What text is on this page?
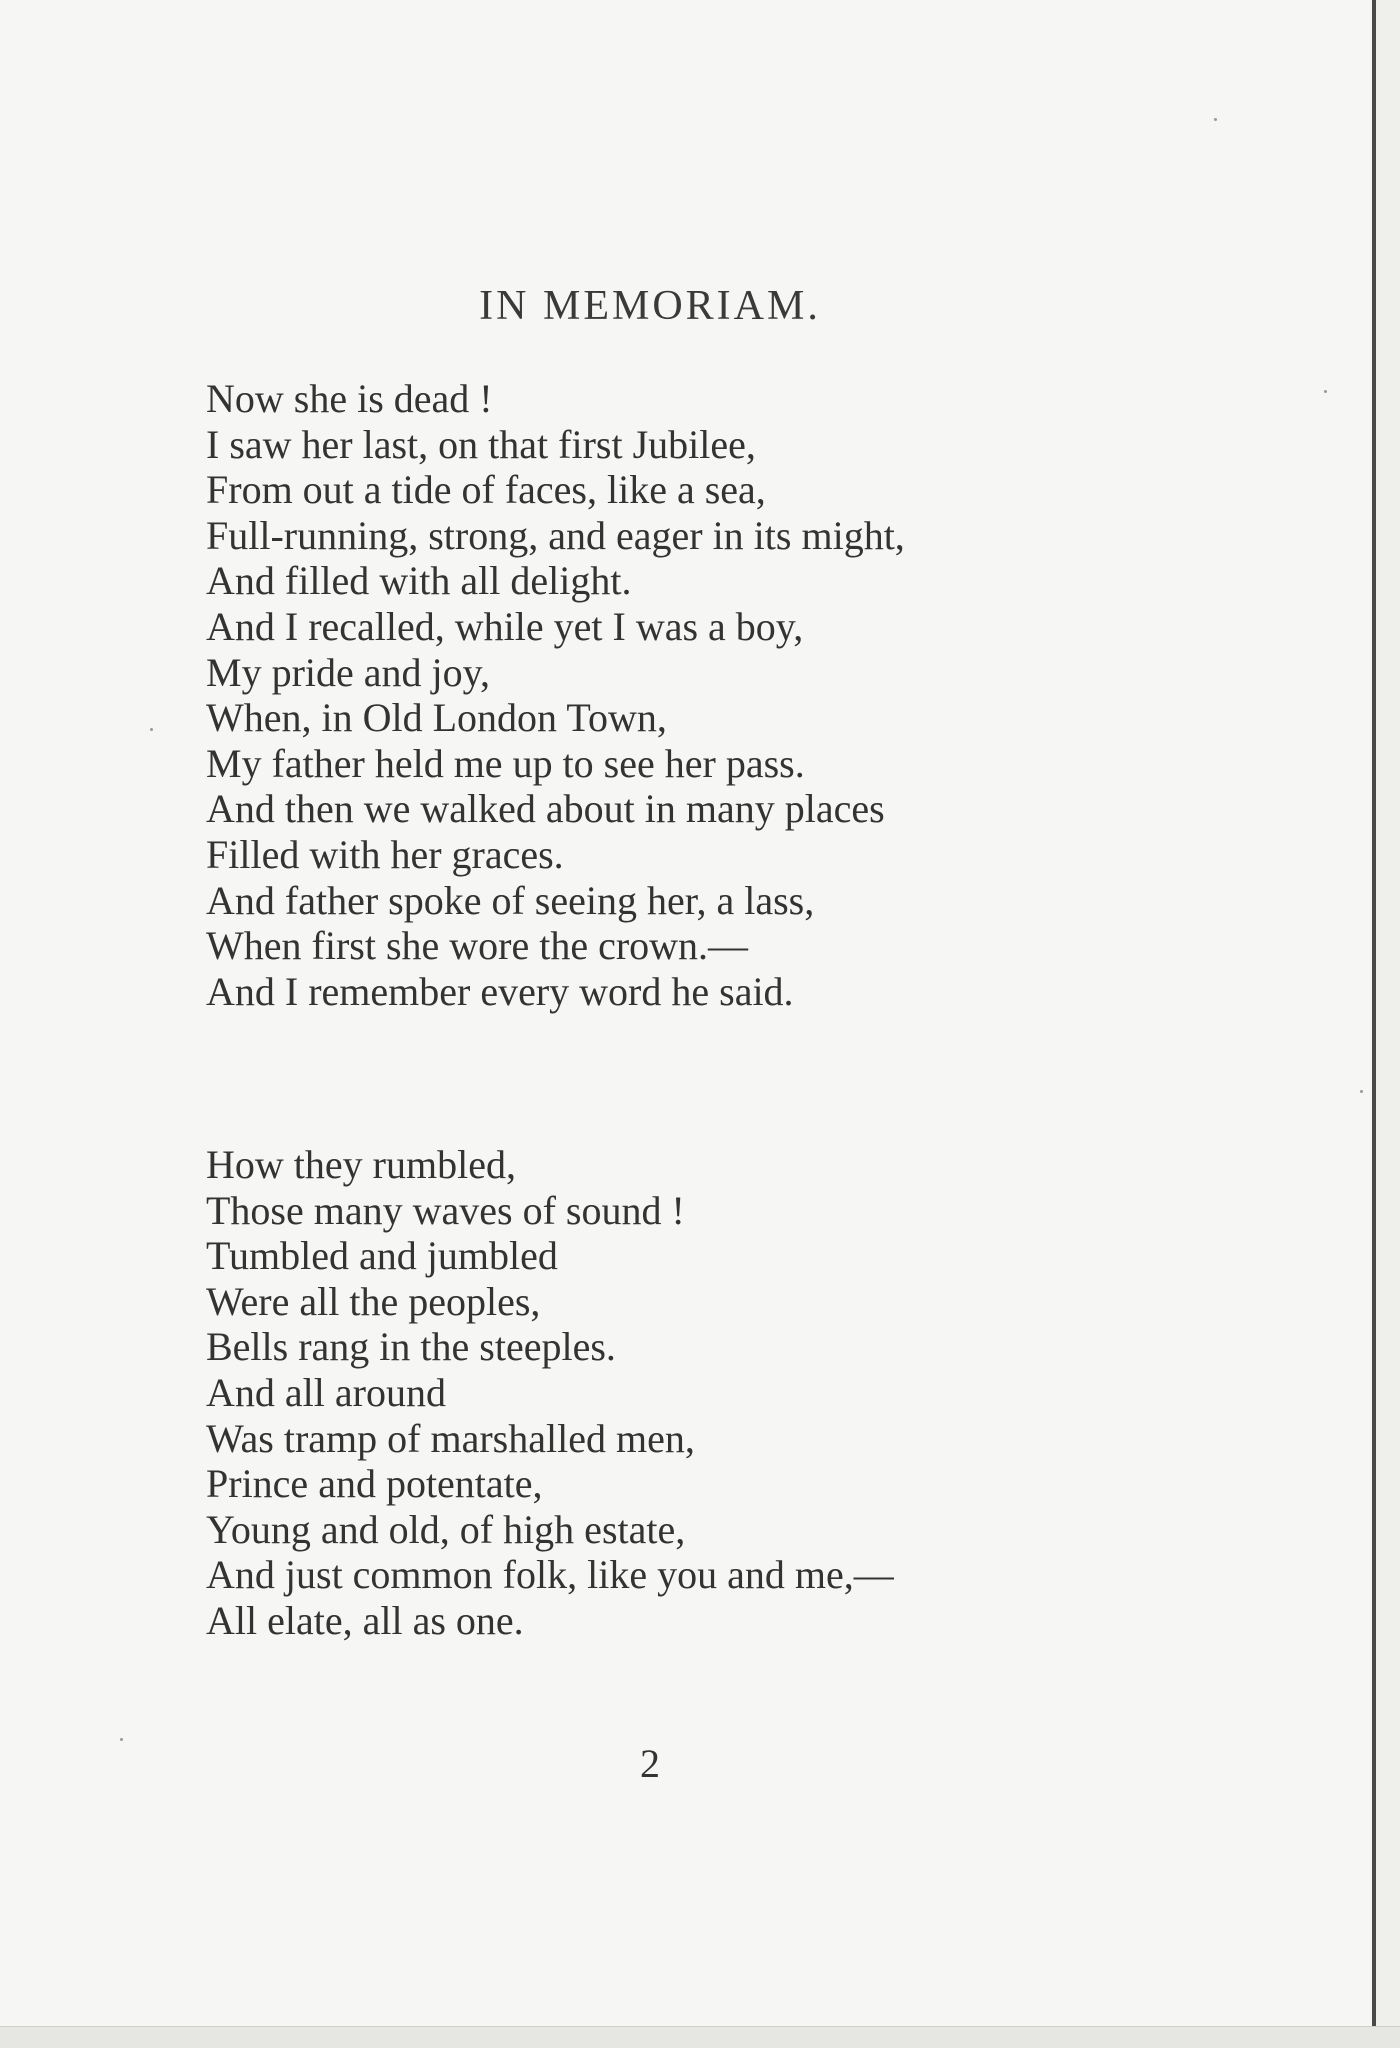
IN MEMORIAM.
Now she is dead !
I saw her last, on that first Jubilee,
From out a tide of faces, like a sea,
Full-running, strong, and eager in its might,
And filled with all delight.
And I recalled, while yet I was a boy,
My pride and joy,
When, in Old London Town,
My father held me up to see her pass.
And then we walked about in many places
Filled with her graces.
And father spoke of seeing her, a lass,
When first she wore the crown.—
And I remember every word he said.
How they rumbled,
Those many waves of sound !
Tumbled and jumbled
Were all the peoples,
Bells rang in the steeples.
And all around
Was tramp of marshalled men,
Prince and potentate,
Young and old, of high estate,
And just common folk, like you and me,—
All elate, all as one.
2
